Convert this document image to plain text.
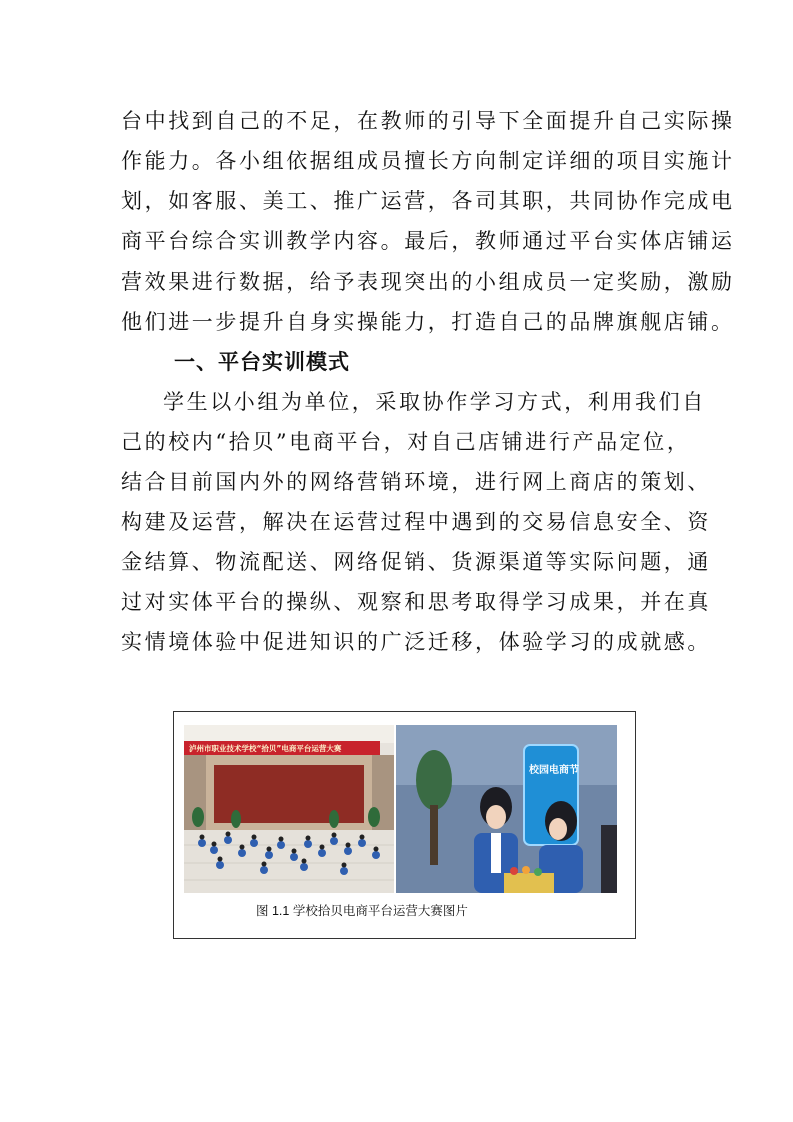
台中找到自己的不足，在教师的引导下全面提升自己实际操
作能力。各小组依据组成员擅长方向制定详细的项目实施计
划，如客服、美工、推广运营，各司其职，共同协作完成电
商平台综合实训教学内容。最后，教师通过平台实体店铺运
营效果进行数据，给予表现突出的小组成员一定奖励，激励
他们进一步提升自身实操能力，打造自己的品牌旗舰店铺。
一、平台实训模式
学生以小组为单位，采取协作学习方式，利用我们自
己的校内“拾贝”电商平台，对自己店铺进行产品定位，
结合目前国内外的网络营销环境，进行网上商店的策划、
构建及运营，解决在运营过程中遇到的交易信息安全、资
金结算、物流配送、网络促销、货源渠道等实际问题，通
过对实体平台的操纵、观察和思考取得学习成果，并在真
实情境体验中促进知识的广泛迁移，体验学习的成就感。
泸州市职业技术学校“拾贝”电商平台运营大赛
校园电商节
图 1.1 学校拾贝电商平台运营大赛图片
